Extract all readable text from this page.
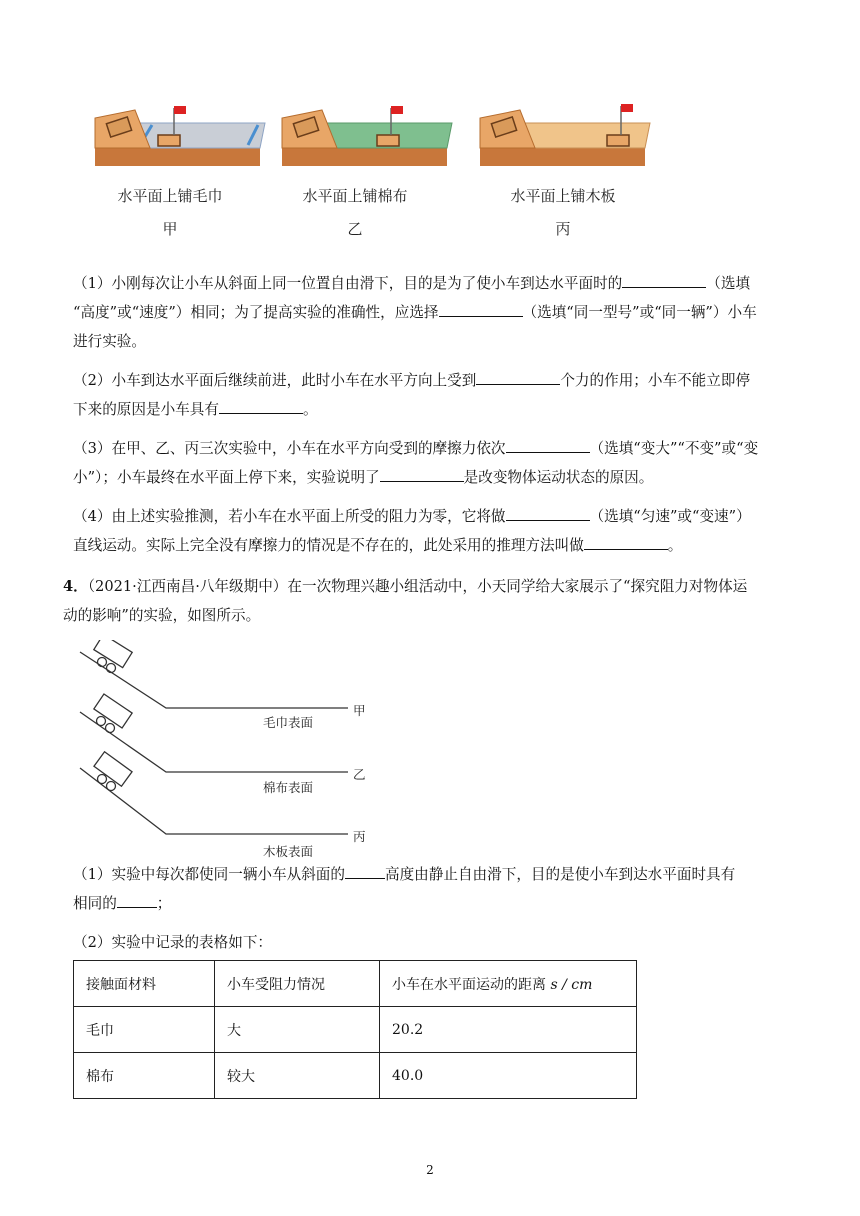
水平面上铺毛巾
甲
水平面上铺棉布
乙
水平面上铺木板
丙

（1）小刚每次让小车从斜面上同一位置自由滑下，目的是为了使小车到达水平面时的	（选填

“高度”或“速度”）相同；为了提高实验的准确性，应选择	（选填“同一型号”或“同一辆”）小车

进行实验。

（2）小车到达水平面后继续前进，此时小车在水平方向上受到	个力的作用；小车不能立即停

下来的原因是小车具有	。

（3）在甲、乙、丙三次实验中，小车在水平方向受到的摩擦力依次	（选填“变大”“不变”或“变

小”）；小车最终在水平面上停下来，实验说明了	是改变物体运动状态的原因。

（4）由上述实验推测，若小车在水平面上所受的阻力为零，它将做	（选填“匀速”或“变速”）

直线运动。实际上完全没有摩擦力的情况是不存在的，此处采用的推理方法叫做	。

4．（2021·江西南昌·八年级期中）在一次物理兴趣小组活动中，小天同学给大家展示了“探究阻力对物体运

动的影响”的实验，如图所示。

毛巾表面
甲
棉布表面
乙
木板表面
丙

（1）实验中每次都使同一辆小车从斜面的	高度由静止自由滑下，目的是使小车到达水平面时具有

相同的	；

（2）实验中记录的表格如下：

接触面材料	小车受阻力情况	小车在水平面运动的距离 s / cm
毛巾	大	20.2
棉布	较大	40.0
2
